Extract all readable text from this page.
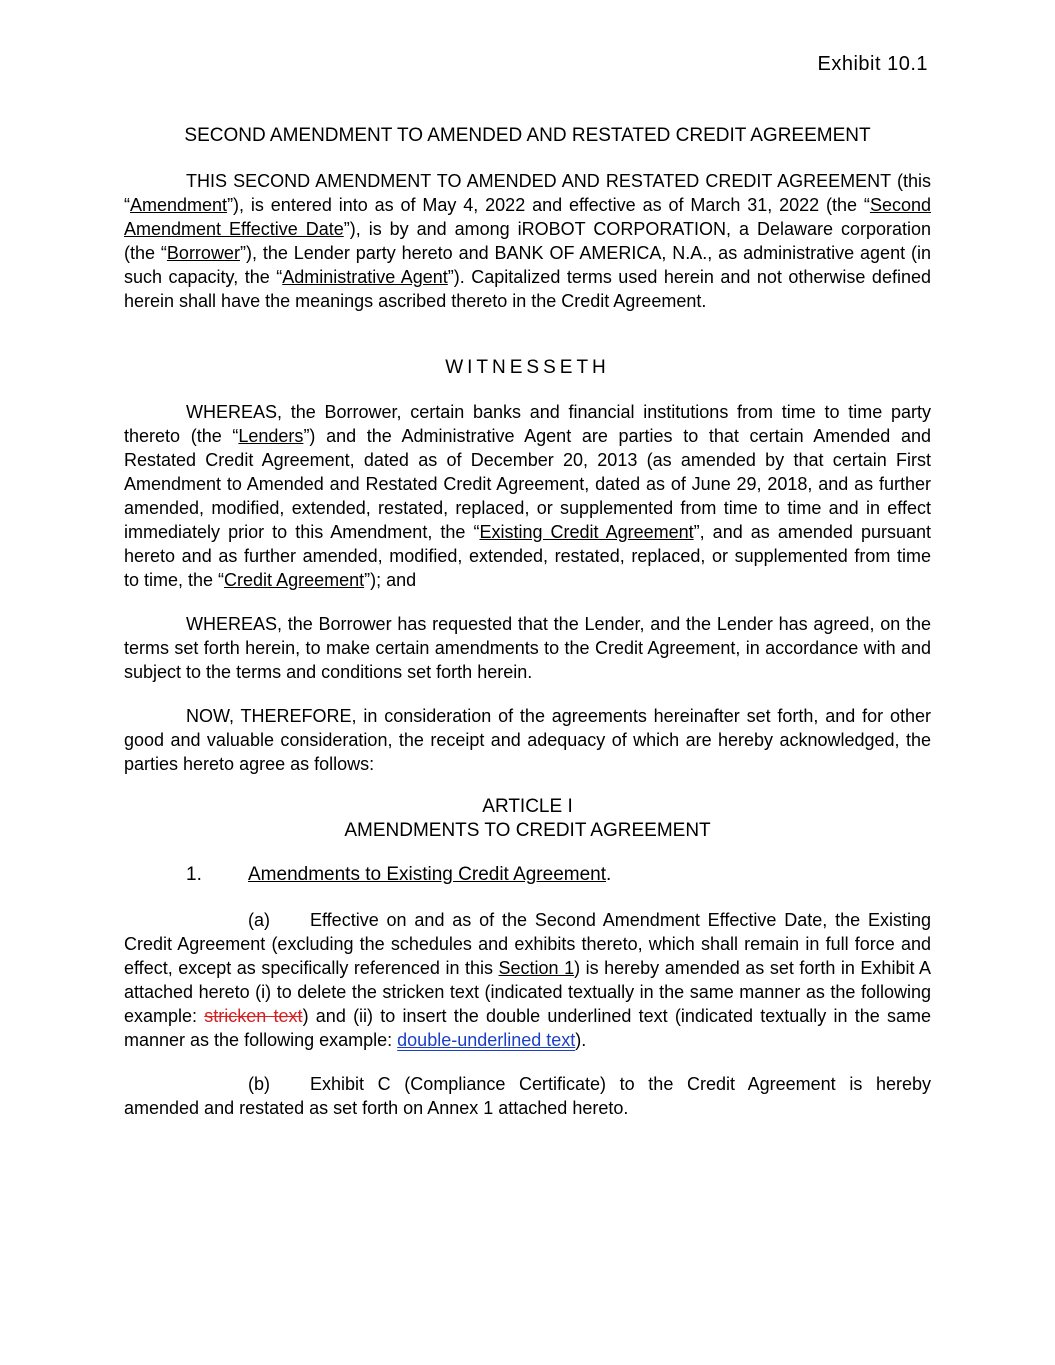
Exhibit 10.1
SECOND AMENDMENT TO AMENDED AND RESTATED CREDIT AGREEMENT
THIS SECOND AMENDMENT TO AMENDED AND RESTATED CREDIT AGREEMENT (this “Amendment”), is entered into as of May 4, 2022 and effective as of March 31, 2022 (the “Second Amendment Effective Date”), is by and among iROBOT CORPORATION, a Delaware corporation (the “Borrower”), the Lender party hereto and BANK OF AMERICA, N.A., as administrative agent (in such capacity, the “Administrative Agent”). Capitalized terms used herein and not otherwise defined herein shall have the meanings ascribed thereto in the Credit Agreement.
WITNESSETH
WHEREAS, the Borrower, certain banks and financial institutions from time to time party thereto (the “Lenders”) and the Administrative Agent are parties to that certain Amended and Restated Credit Agreement, dated as of December 20, 2013 (as amended by that certain First Amendment to Amended and Restated Credit Agreement, dated as of June 29, 2018, and as further amended, modified, extended, restated, replaced, or supplemented from time to time and in effect immediately prior to this Amendment, the “Existing Credit Agreement”, and as amended pursuant hereto and as further amended, modified, extended, restated, replaced, or supplemented from time to time, the “Credit Agreement”); and
WHEREAS, the Borrower has requested that the Lender, and the Lender has agreed, on the terms set forth herein, to make certain amendments to the Credit Agreement, in accordance with and subject to the terms and conditions set forth herein.
NOW, THEREFORE, in consideration of the agreements hereinafter set forth, and for other good and valuable consideration, the receipt and adequacy of which are hereby acknowledged, the parties hereto agree as follows:
ARTICLE I
AMENDMENTS TO CREDIT AGREEMENT
1. Amendments to Existing Credit Agreement.
(a) Effective on and as of the Second Amendment Effective Date, the Existing Credit Agreement (excluding the schedules and exhibits thereto, which shall remain in full force and effect, except as specifically referenced in this Section 1) is hereby amended as set forth in Exhibit A attached hereto (i) to delete the stricken text (indicated textually in the same manner as the following example: stricken text) and (ii) to insert the double underlined text (indicated textually in the same manner as the following example: double-underlined text).
(b) Exhibit C (Compliance Certificate) to the Credit Agreement is hereby amended and restated as set forth on Annex 1 attached hereto.
